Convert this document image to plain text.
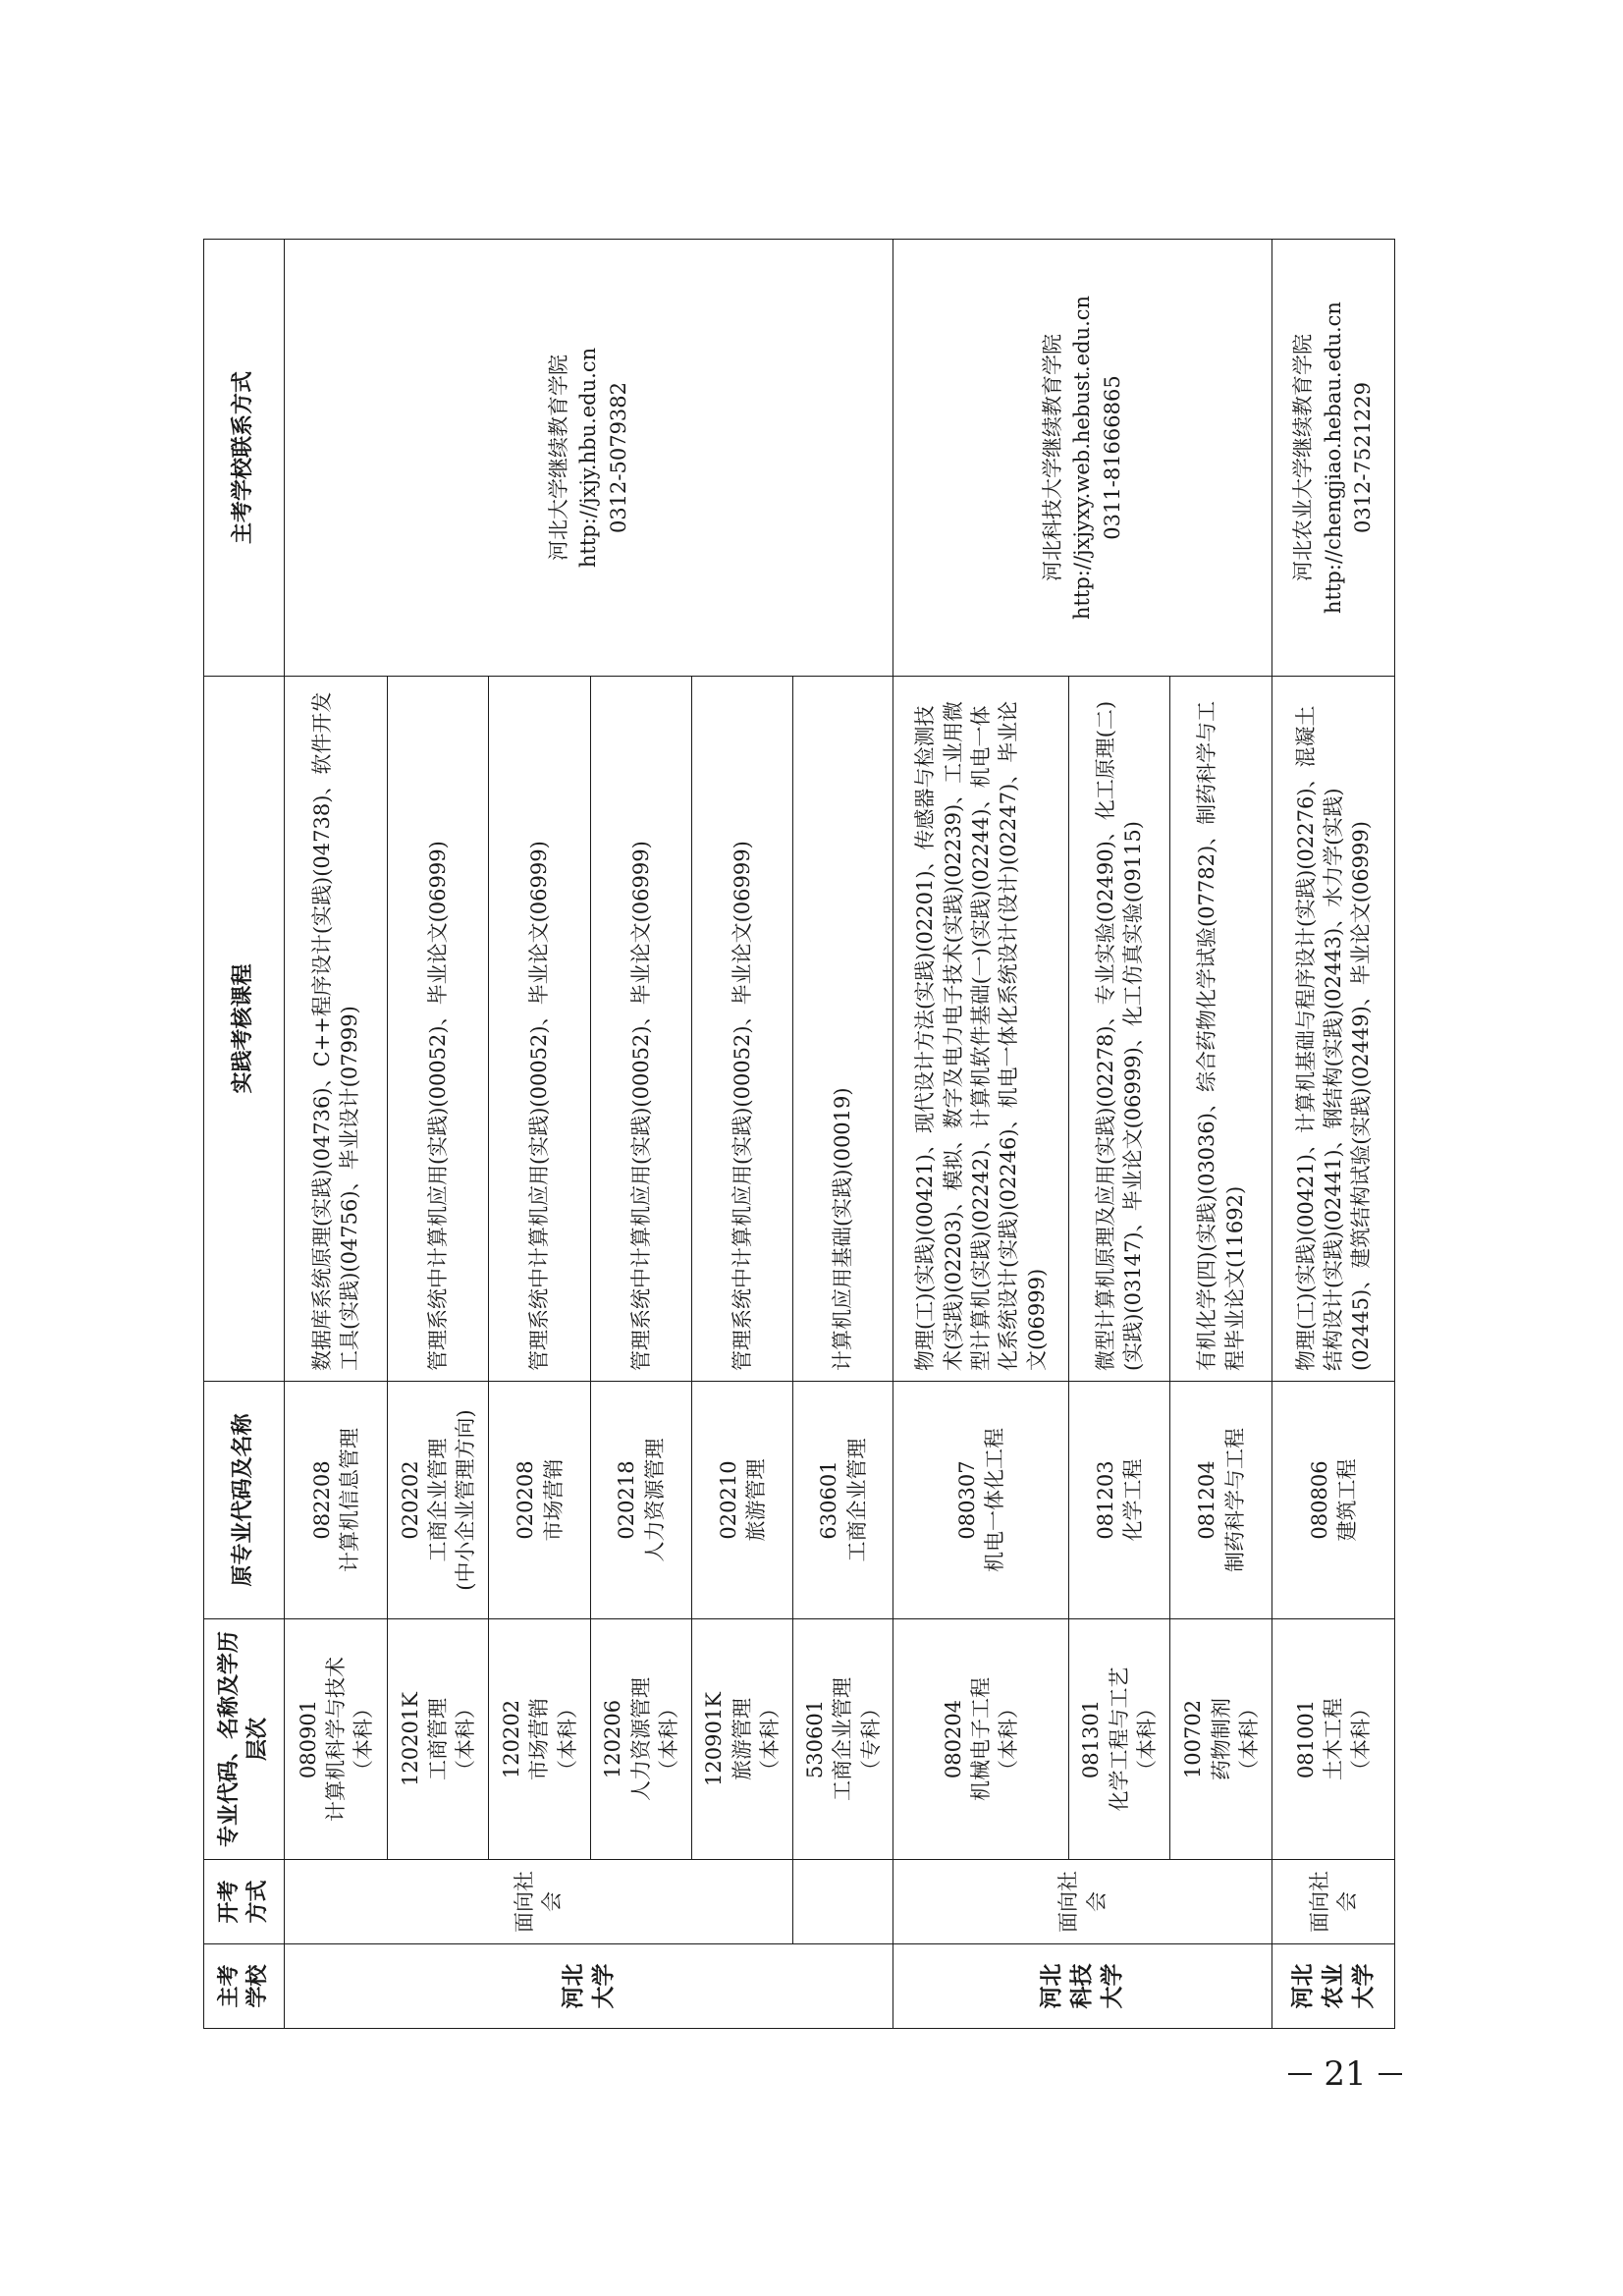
主考学校	开考方式	专业代码、名称及学历层次	原专业代码及名称	实践考核课程	主考学校联系方式
河北大学	面向社会	080901 计算机科学与技术 （本科）	082208 计算机信息管理	数据库系统原理(实践)(04736)、C++程序设计(实践)(04738)、软件开发工具(实践)(04756)、毕业设计(07999)	河北大学继续教育学院 http://jxjy.hbu.edu.cn 0312-5079382

		120201K 工商管理 （本科）	020202 工商企业管理 (中小企业管理方向)	管理系统中计算机应用(实践)(00052)、毕业论文(06999)	

		120202 市场营销 （本科）	020208 市场营销	管理系统中计算机应用(实践)(00052)、毕业论文(06999)	

		120206 人力资源管理 （本科）	020218 人力资源管理	管理系统中计算机应用(实践)(00052)、毕业论文(06999)	

		120901K 旅游管理 （本科）	020210 旅游管理	管理系统中计算机应用(实践)(00052)、毕业论文(06999)	

		530601 工商企业管理 （专科）	630601 工商企业管理	计算机应用基础(实践)(00019)	
河北科技大学	面向社会	080204 机械电子工程 （本科）	080307 机电一体化工程	物理(工)(实践)(00421)、现代设计方法(实践)(02201)、传感器与检测技术(实践)(02203)、模拟、数字及电力电子技术(实践)(02239)、工业用微型计算机(实践)(02242)、计算机软件基础(一)(实践)(02244)、机电一体化系统设计(实践)(02246)、机电一体化系统设计(设计)(02247)、毕业论文(06999)	河北科技大学继续教育学院 http://jxjyxy.web.hebust.edu.cn 0311-81666865

		081301 化学工程与工艺 （本科）	081203 化学工程	微型计算机原理及应用(实践)(02278)、专业实验(02490)、化工原理(二)(实践)(03147)、毕业论文(06999)、化工仿真实验(09115)	

		100702 药物制剂 （本科）	081204 制药科学与工程	有机化学(四)(实践)(03036)、综合药物化学试验(07782)、制药科学与工程毕业论文(11692)	
河北农业大学	面向社会	081001 土木工程 （本科）	080806 建筑工程	物理(工)(实践)(00421)、计算机基础与程序设计(实践)(02276)、混凝土结构设计(实践)(02441)、钢结构(实践)(02443)、水力学(实践)(02445)、建筑结构试验(实践)(02449)、毕业论文(06999)	河北农业大学继续教育学院 http://chengjiao.hebau.edu.cn 0312-7521229
21
